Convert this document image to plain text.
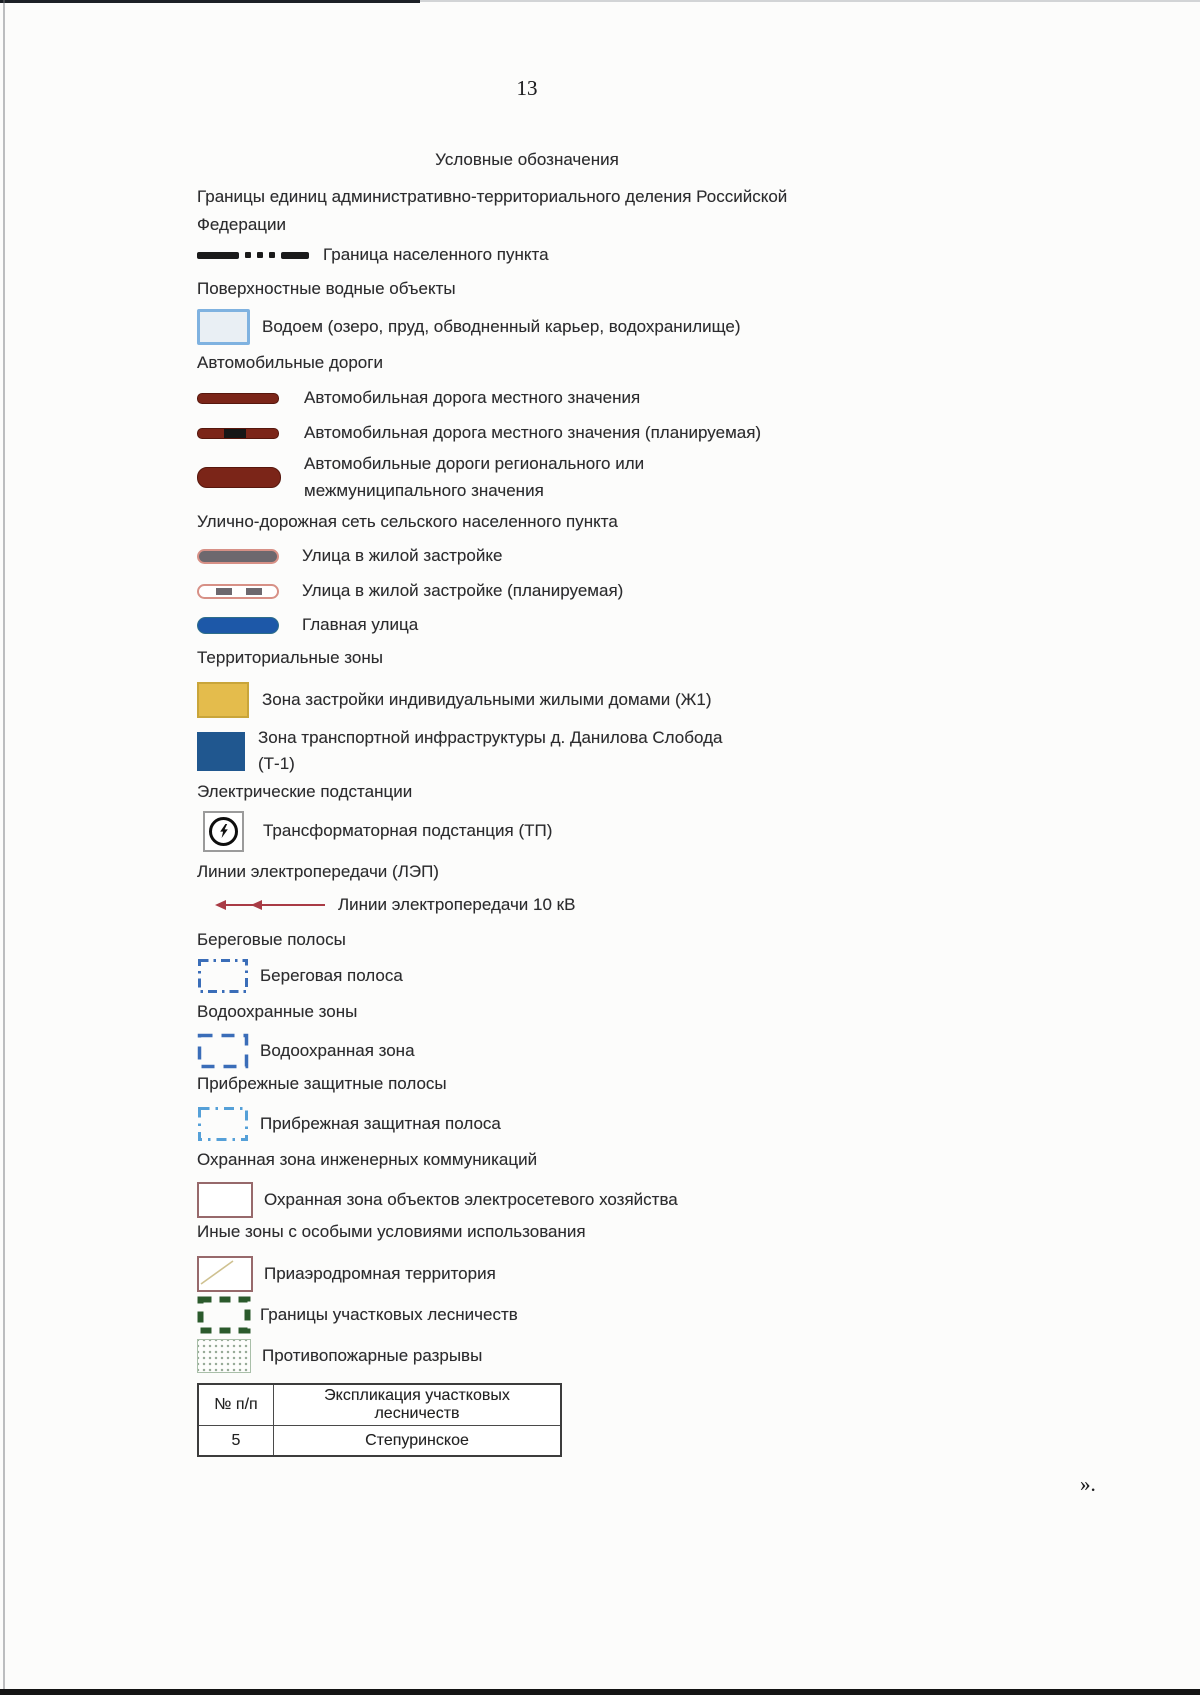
13
Условные обозначения
Границы единиц административно-территориального деления Российской Федерации
Граница населенного пункта
Поверхностные водные объекты
Водоем (озеро, пруд, обводненный карьер, водохранилище)
Автомобильные дороги
Автомобильная дорога местного значения
Автомобильная дорога местного значения (планируемая)
Автомобильные дороги регионального или межмуниципального значения
Улично-дорожная сеть сельского населенного пункта
Улица в жилой застройке
Улица в жилой застройке (планируемая)
Главная улица
Территориальные зоны
Зона застройки индивидуальными жилыми домами (Ж1)
Зона транспортной инфраструктуры д. Данилова Слобода (Т-1)
Электрические подстанции
Трансформаторная подстанция (ТП)
Линии электропередачи (ЛЭП)
Линии электропередачи 10 кВ
Береговые полосы
Береговая полоса
Водоохранные зоны
Водоохранная зона
Прибрежные защитные полосы
Прибрежная защитная полоса
Охранная зона инженерных коммуникаций
Охранная зона объектов электросетевого хозяйства
Иные зоны с особыми условиями использования
Приаэродромная территория
Границы участковых лесничеств
Противопожарные разрывы
№ п/п	Экспликация участковых лесничеств
5	Степуринское
».
